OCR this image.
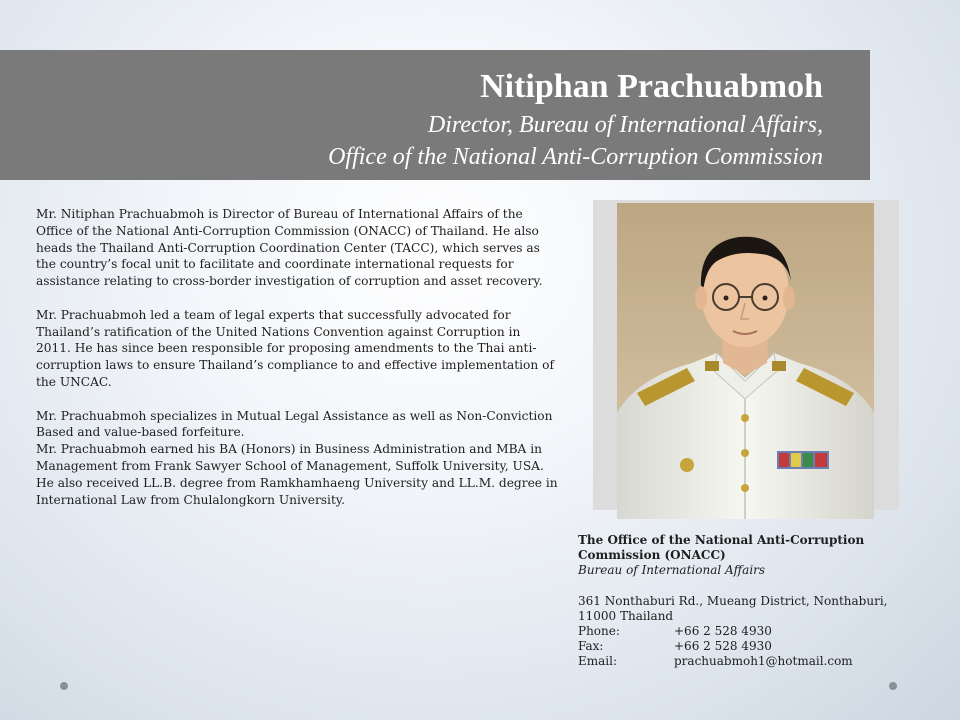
Nitiphan Prachuabmoh

Director, Bureau of International Affairs,

Office of the National Anti-Corruption Commission

Mr. Nitiphan Prachuabmoh is Director of Bureau of International Affairs of the Office of the National Anti-Corruption Commission (ONACC) of Thailand. He also heads the Thailand Anti-Corruption Coordination Center (TACC), which serves as the country’s focal unit to facilitate and coordinate international requests for assistance relating to cross-border investigation of corruption and asset recovery.

Mr. Prachuabmoh led a team of legal experts that successfully advocated for Thailand’s ratification of the United Nations Convention against Corruption in 2011. He has since been responsible for proposing amendments to the Thai anti-corruption laws to ensure Thailand’s compliance to and effective implementation of the UNCAC.

Mr. Prachuabmoh specializes in Mutual Legal Assistance as well as Non-Conviction Based and value-based forfeiture.

Mr. Prachuabmoh earned his BA (Honors) in Business Administration and MBA in Management from Frank Sawyer School of Management, Suffolk University, USA. He also received LL.B. degree from Ramkhamhaeng University and LL.M. degree in International Law from Chulalongkorn University.

The Office of the National Anti-Corruption Commission (ONACC)
Bureau of International Affairs
361 Nonthaburi Rd., Mueang District, Nonthaburi, 11000 Thailand
Phone:	+66 2 528 4930
Fax:	+66 2 528 4930
Email:	prachuabmoh1@hotmail.com
